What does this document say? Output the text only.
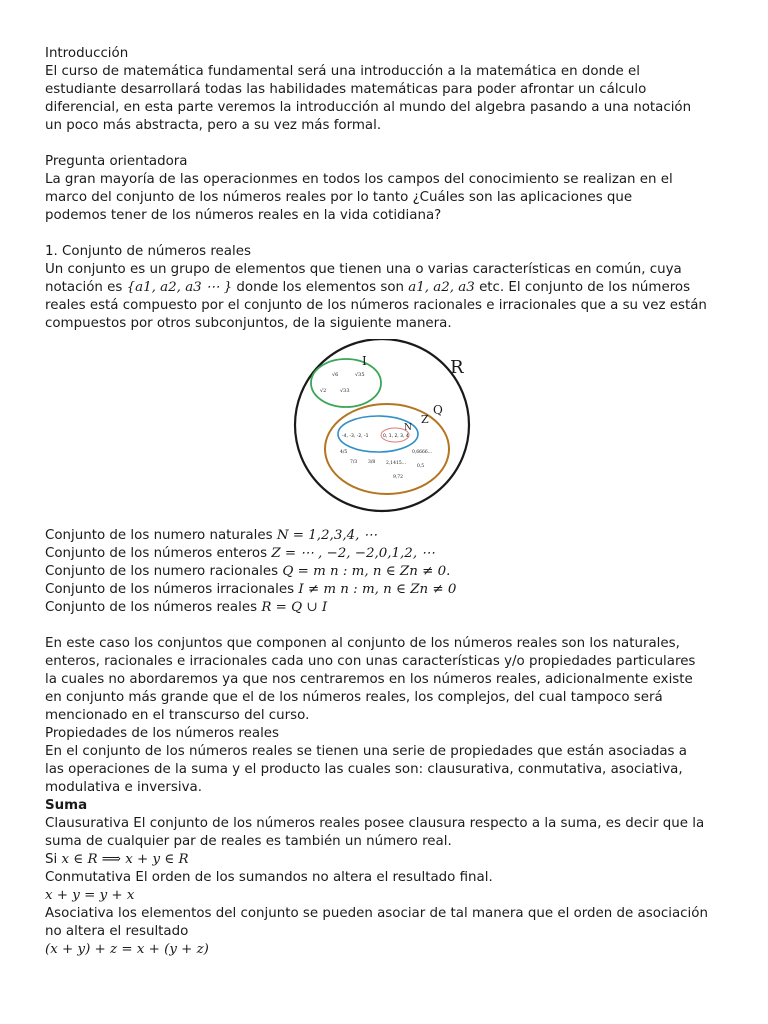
Introducción
El curso de matemática fundamental será una introducción a la matemática en donde el
estudiante desarrollará todas las habilidades matemáticas para poder afrontar un cálculo
diferencial, en esta parte veremos la introducción al mundo del algebra pasando a una notación
un poco más abstracta, pero a su vez más formal.
Pregunta orientadora
La gran mayoría de las operacionmes en todos los campos del conocimiento se realizan en el
marco del conjunto de los números reales por lo tanto ¿Cuáles son las aplicaciones que
podemos tener de los números reales en la vida cotidiana?
1. Conjunto de números reales
Un conjunto es un grupo de elementos que tienen una o varias características en común, cuya
notación es {𝑎1, 𝑎2, 𝑎3 ⋯ } donde los elementos son 𝑎1, 𝑎2, 𝑎3 etc. El conjunto de los números
reales está compuesto por el conjunto de los números racionales e irracionales que a su vez están
compuestos por otros subconjuntos, de la siguiente manera.
R
I
√6	√35
√2	√33
Q
Z
N
-4, -3, -2, -1	0, 1, 2, 3, 4
4/5
7/3 3/8 2,1415...
0,6666...
0,5
9,72
Conjunto de los numero naturales 𝑁 = 1,2,3,4, ⋯
Conjunto de los números enteros 𝑍 = ⋯ , −2, −2,0,1,2, ⋯
Conjunto de los numero racionales 𝑄 = 𝑚 𝑛 : 𝑚, 𝑛 ∈ 𝑍𝑛 ≠ 0.
Conjunto de los números irracionales 𝐼 ≠ 𝑚 𝑛 : 𝑚, 𝑛 ∈ 𝑍𝑛 ≠ 0
Conjunto de los números reales 𝑅 = 𝑄 ∪ 𝐼
En este caso los conjuntos que componen al conjunto de los números reales son los naturales,
enteros, racionales e irracionales cada uno con unas características y/o propiedades particulares
la cuales no abordaremos ya que nos centraremos en los números reales, adicionalmente existe
en conjunto más grande que el de los números reales, los complejos, del cual tampoco será
mencionado en el transcurso del curso.
Propiedades de los números reales
En el conjunto de los números reales se tienen una serie de propiedades que están asociadas a
las operaciones de la suma y el producto las cuales son: clausurativa, conmutativa, asociativa,
modulativa e inversiva.
Suma
Clausurativa El conjunto de los números reales posee clausura respecto a la suma, es decir que la
suma de cualquier par de reales es también un número real.
Si 𝑥 ∈ 𝑅 ⟹ 𝑥 + 𝑦 ∈ 𝑅
Conmutativa El orden de los sumandos no altera el resultado final.
𝑥 + 𝑦 = 𝑦 + 𝑥
Asociativa los elementos del conjunto se pueden asociar de tal manera que el orden de asociación
no altera el resultado
(𝑥 + 𝑦) + 𝑧 = 𝑥 + (𝑦 + 𝑧)
